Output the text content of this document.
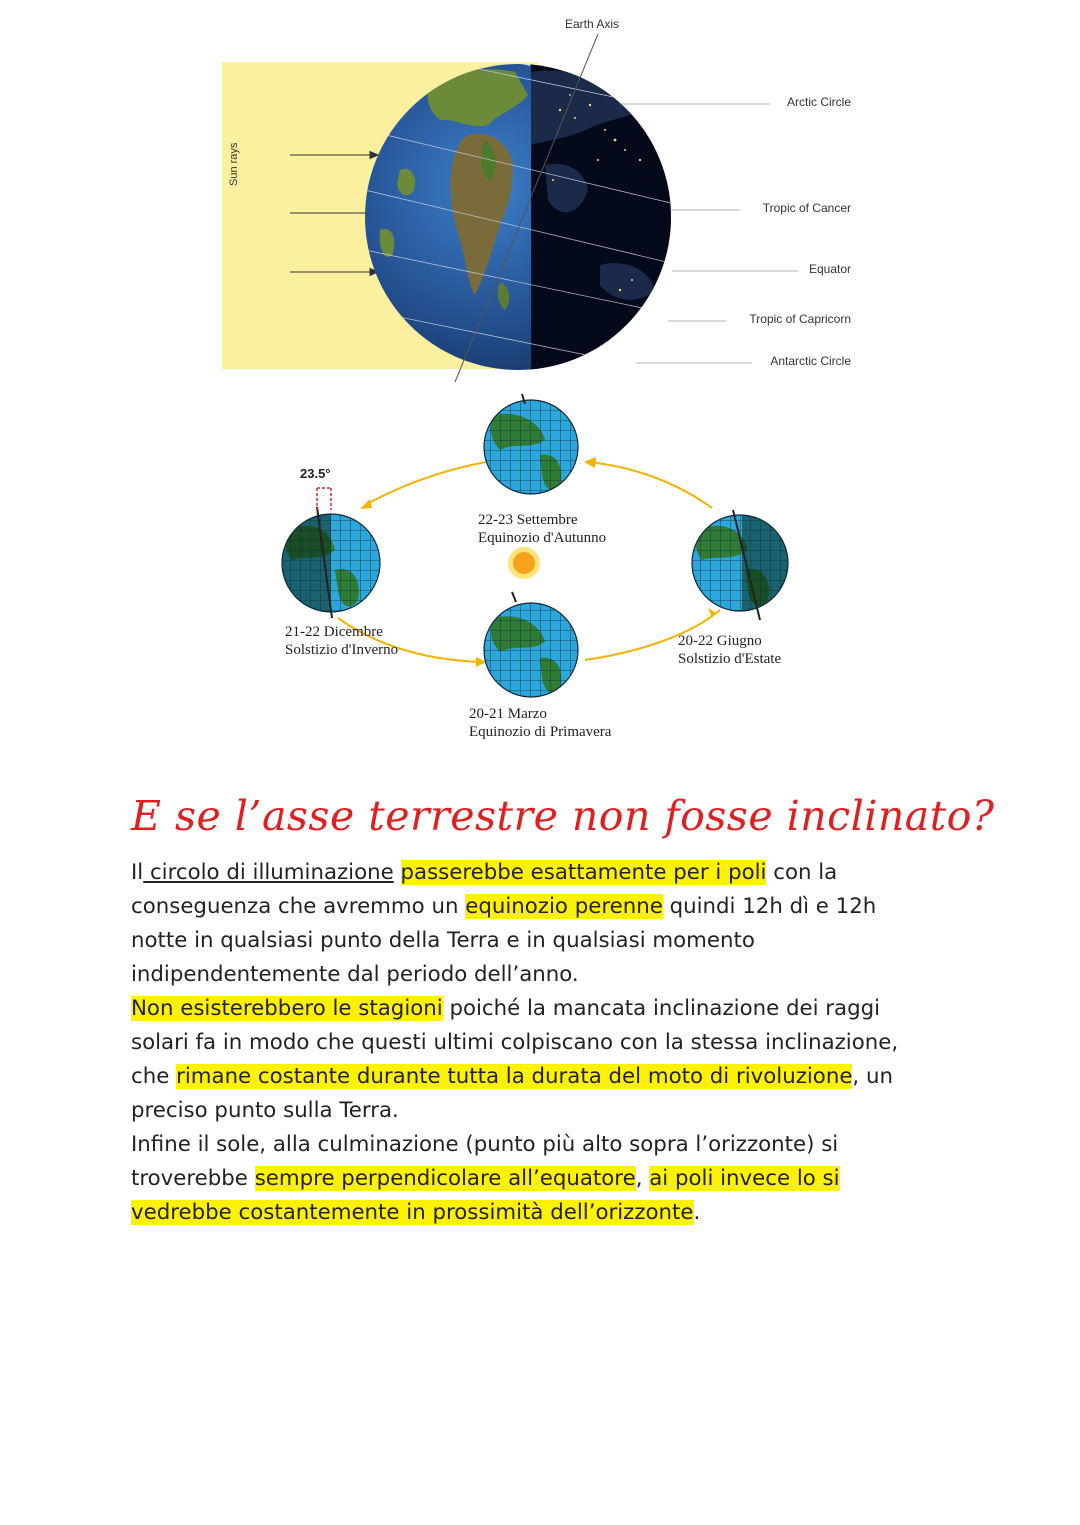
Earth Axis
Sun rays
Arctic Circle
Tropic of Cancer
Equator
Tropic of Capricorn
Antarctic Circle
23.5°
22-23 Settembre
Equinozio d'Autunno
21-22 Dicembre
Solstizio d'Inverno
20-22 Giugno
Solstizio d'Estate
20-21 Marzo
Equinozio di Primavera
E se l’asse terrestre non fosse inclinato?
Il circolo di illuminazione passerebbe esattamente per i poli con la
conseguenza che avremmo un equinozio perenne quindi 12h dì e 12h
notte in qualsiasi punto della Terra e in qualsiasi momento
indipendentemente dal periodo dell’anno.
Non esisterebbero le stagioni poiché la mancata inclinazione dei raggi
solari fa in modo che questi ultimi colpiscano con la stessa inclinazione,
che rimane costante durante tutta la durata del moto di rivoluzione, un
preciso punto sulla Terra.
Infine il sole, alla culminazione (punto più alto sopra l’orizzonte) si
troverebbe sempre perpendicolare all’equatore, ai poli invece lo si
vedrebbe costantemente in prossimità dell’orizzonte.
